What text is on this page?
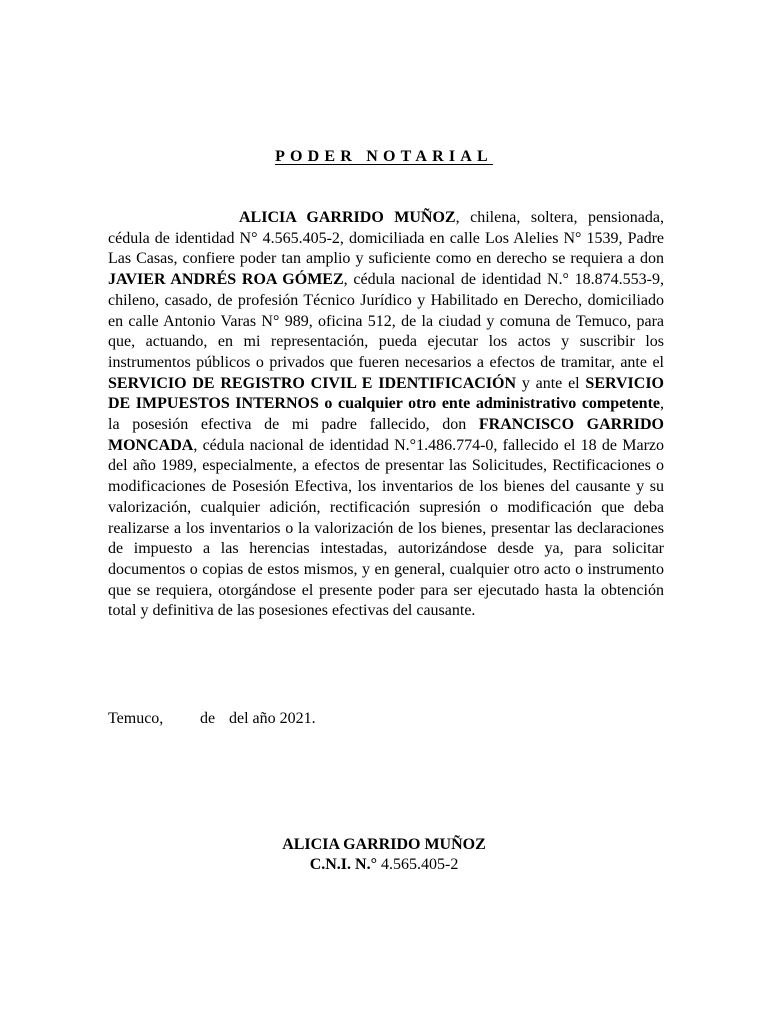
PODER NOTARIAL

ALICIA GARRIDO MUÑOZ, chilena, soltera, pensionada, cédula de identidad N° 4.565.405-2, domiciliada en calle Los Alelies N° 1539, Padre Las Casas, confiere poder tan amplio y suficiente como en derecho se requiera a don JAVIER ANDRÉS ROA GÓMEZ, cédula nacional de identidad N.° 18.874.553-9, chileno, casado, de profesión Técnico Jurídico y Habilitado en Derecho, domiciliado en calle Antonio Varas N° 989, oficina 512, de la ciudad y comuna de Temuco, para que, actuando, en mi representación, pueda ejecutar los actos y suscribir los instrumentos públicos o privados que fueren necesarios a efectos de tramitar, ante el SERVICIO DE REGISTRO CIVIL E IDENTIFICACIÓN y ante el SERVICIO DE IMPUESTOS INTERNOS o cualquier otro ente administrativo competente, la posesión efectiva de mi padre fallecido, don FRANCISCO GARRIDO MONCADA, cédula nacional de identidad N.°1.486.774-0, fallecido el 18 de Marzo del año 1989, especialmente, a efectos de presentar las Solicitudes, Rectificaciones o modificaciones de Posesión Efectiva, los inventarios de los bienes del causante y su valorización, cualquier adición, rectificación supresión o modificación que deba realizarse a los inventarios o la valorización de los bienes, presentar las declaraciones de impuesto a las herencias intestadas, autorizándose desde ya, para solicitar documentos o copias de estos mismos, y en general, cualquier otro acto o instrumento que se requiera, otorgándose el presente poder para ser ejecutado hasta la obtención total y definitiva de las posesiones efectivas del causante.

Temuco, de del año 2021.
ALICIA GARRIDO MUÑOZ
C.N.I. N.° 4.565.405-2
